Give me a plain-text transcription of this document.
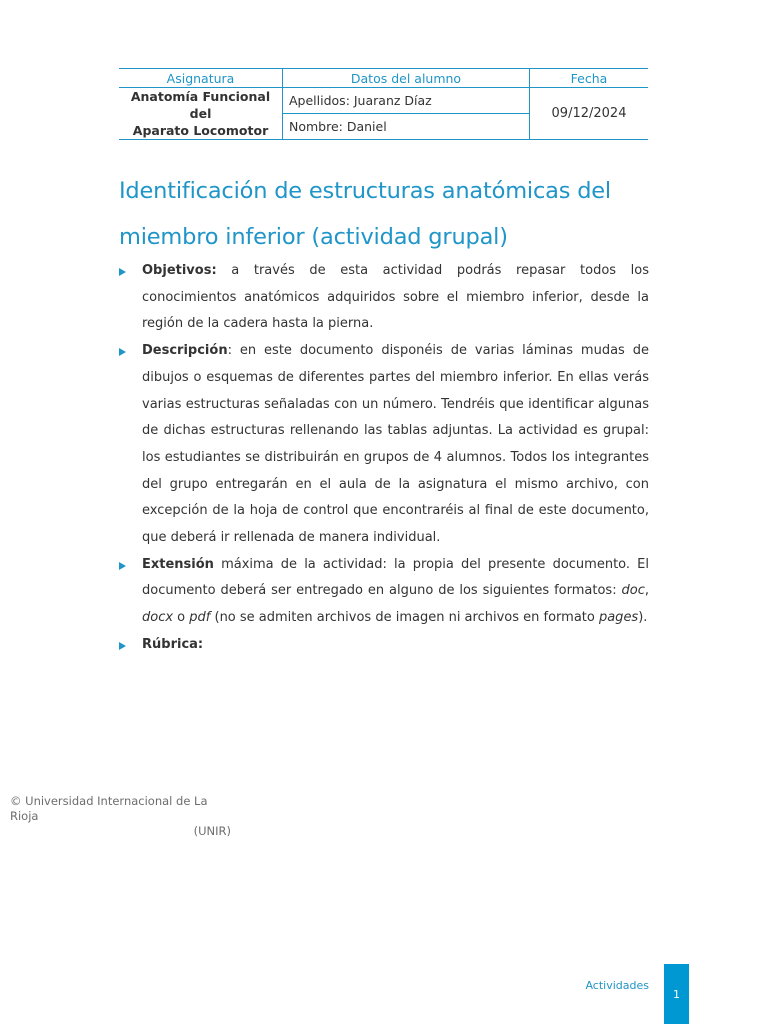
Asignatura	Datos del alumno	Fecha
Anatomía Funcional del
Aparato Locomotor	Apellidos: Juaranz Díaz	09/12/2024
	Nombre: Daniel	
Identificación de estructuras anatómicas del miembro inferior (actividad grupal)
Objetivos: a través de esta actividad podrás repasar todos los conocimientos anatómicos adquiridos sobre el miembro inferior, desde la región de la cadera hasta la pierna.
Descripción: en este documento disponéis de varias láminas mudas de dibujos o esquemas de diferentes partes del miembro inferior. En ellas verás varias estructuras señaladas con un número. Tendréis que identificar algunas de dichas estructuras rellenando las tablas adjuntas. La actividad es grupal: los estudiantes se distribuirán en grupos de 4 alumnos. Todos los integrantes del grupo entregarán en el aula de la asignatura el mismo archivo, con excepción de la hoja de control que encontraréis al final de este documento, que deberá ir rellenada de manera individual.
Extensión máxima de la actividad: la propia del presente documento. El documento deberá ser entregado en alguno de los siguientes formatos: doc, docx o pdf (no se admiten archivos de imagen ni archivos en formato pages).
Rúbrica:
© Universidad Internacional de La Rioja
(UNIR)
Actividades
1
